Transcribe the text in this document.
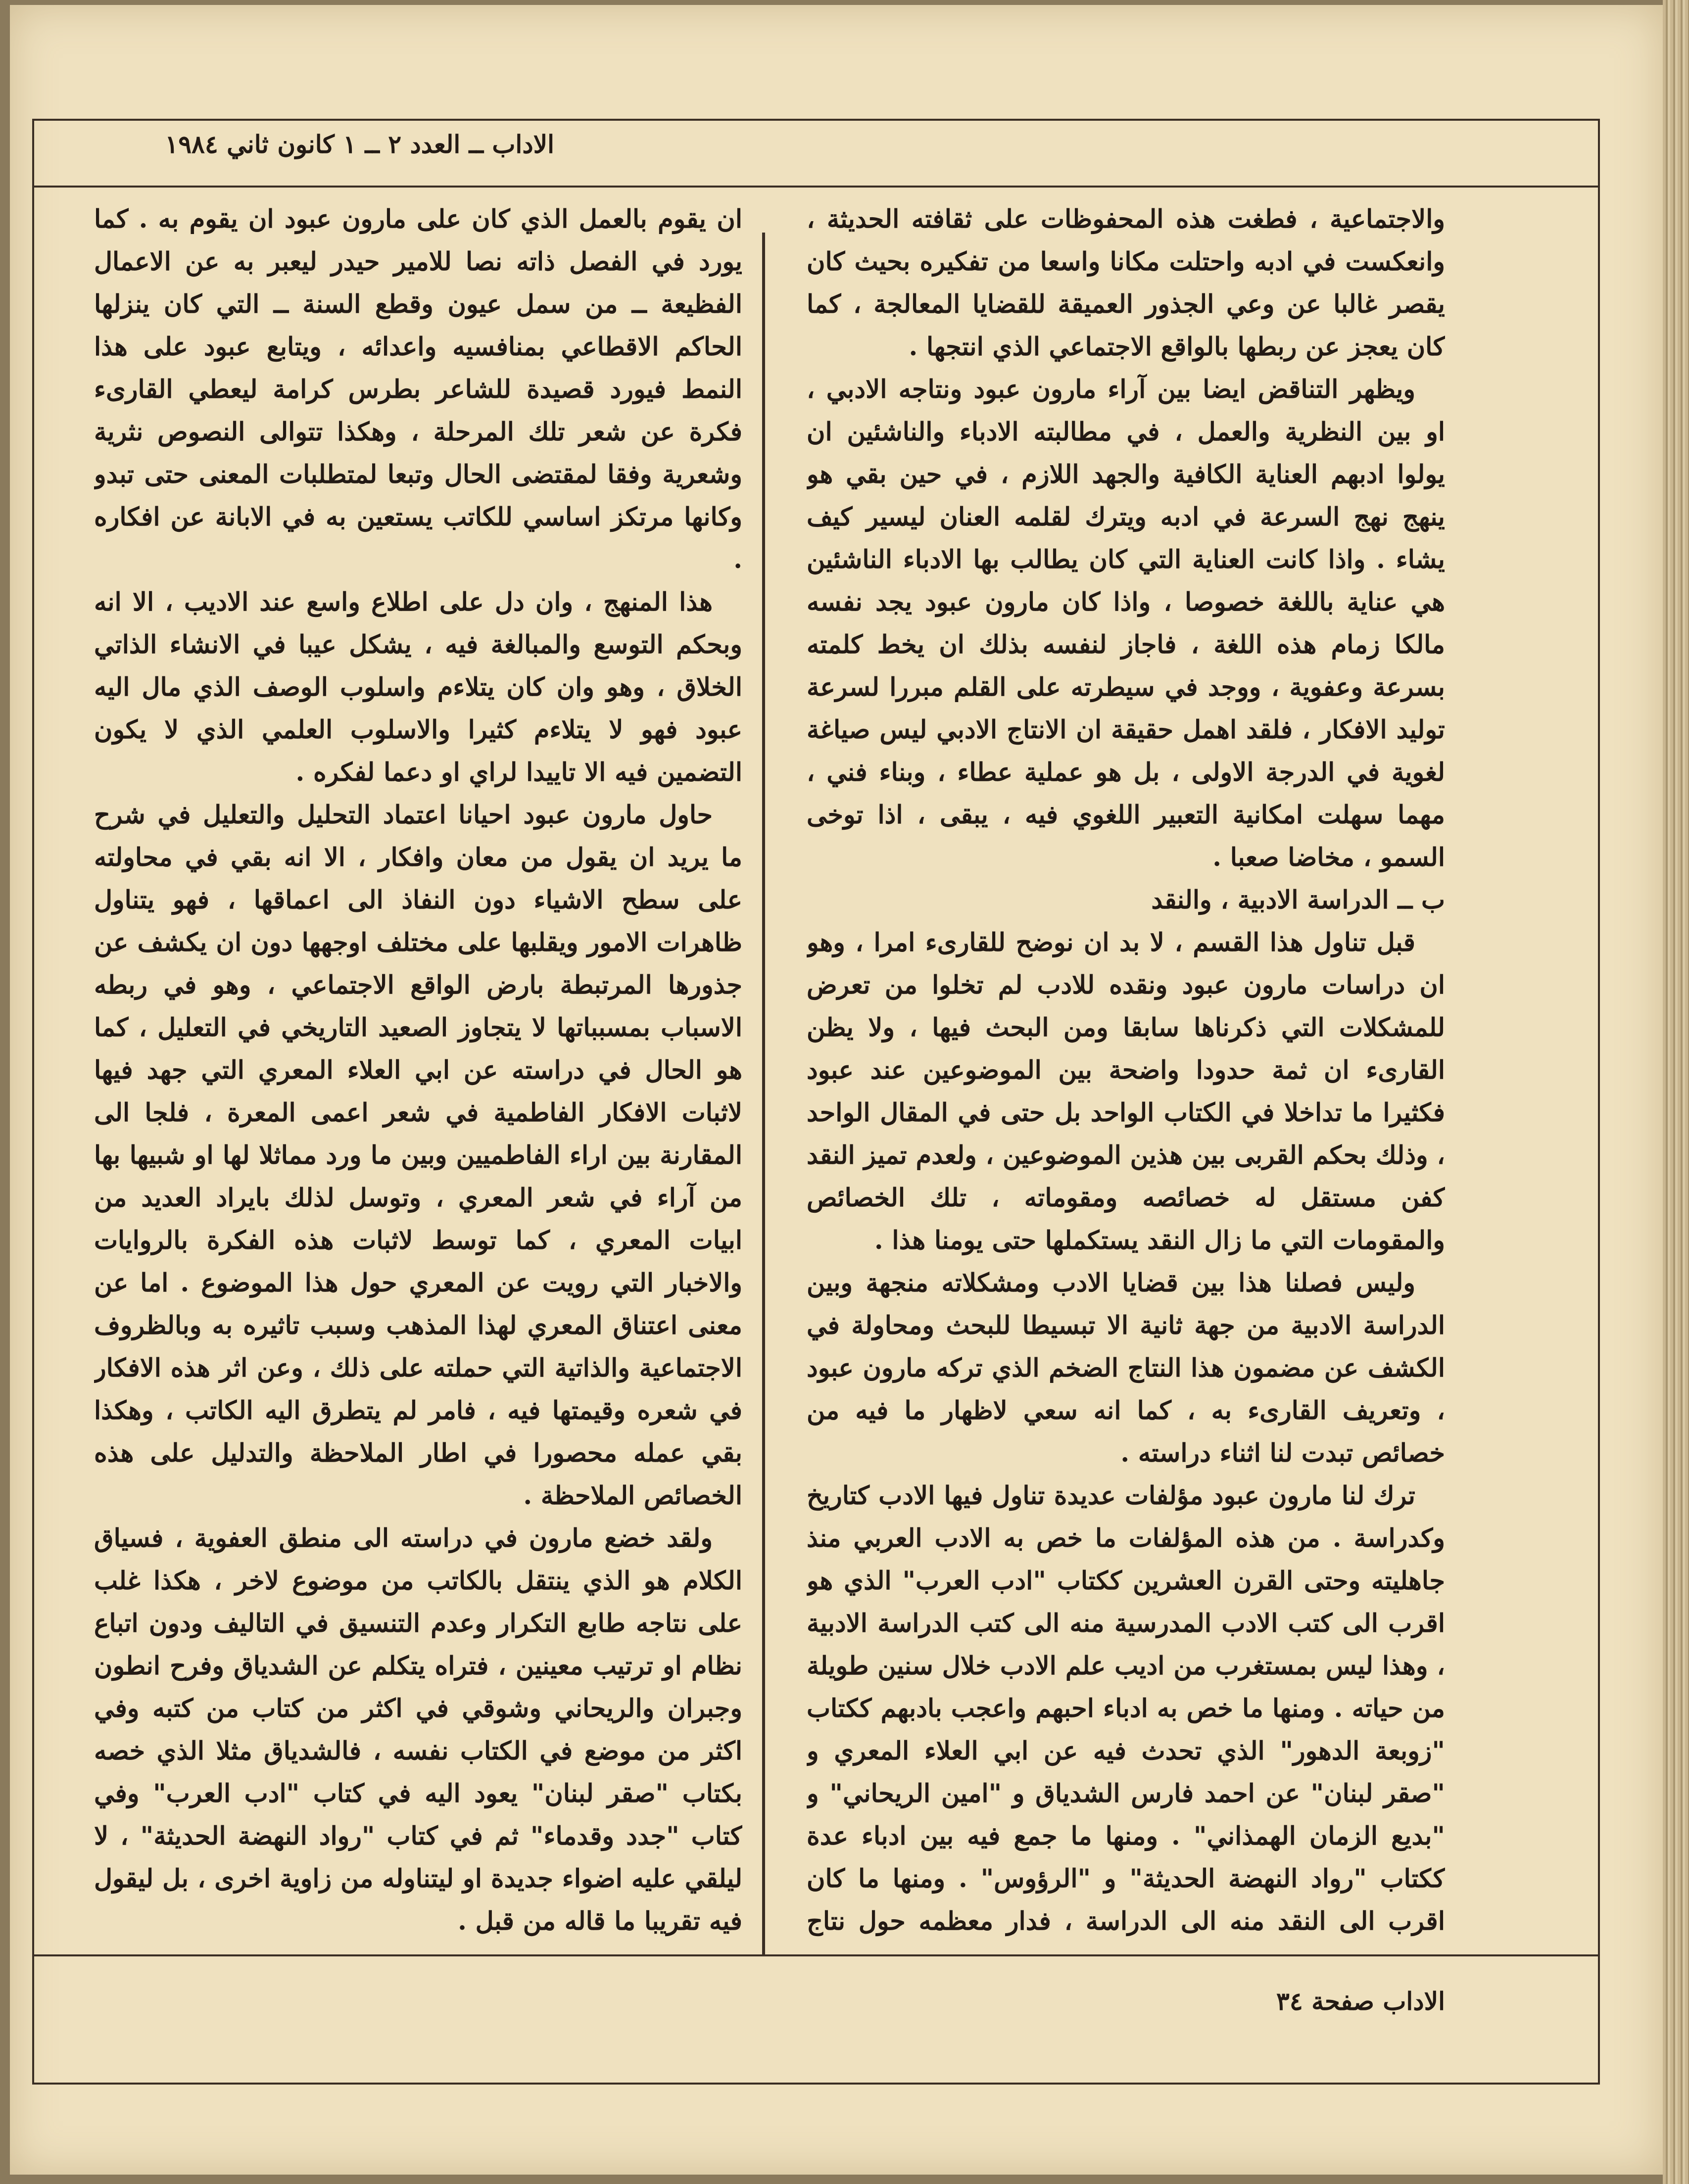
الاداب ــ العدد ٢ ــ ١ كانون ثاني ١٩٨٤

والاجتماعية ، فطغت هذه المحفوظات على ثقافته الحديثة ، وانعكست في ادبه واحتلت مكانا واسعا من تفكيره بحيث كان يقصر غالبا عن وعي الجذور العميقة للقضايا المعالجة ، كما كان يعجز عن ربطها بالواقع الاجتماعي الذي انتجها .

ويظهر التناقض ايضا بين آراء مارون عبود ونتاجه الادبي ، او بين النظرية والعمل ، في مطالبته الادباء والناشئين ان يولوا ادبهم العناية الكافية والجهد اللازم ، في حين بقي هو ينهج نهج السرعة في ادبه ويترك لقلمه العنان ليسير كيف يشاء . واذا كانت العناية التي كان يطالب بها الادباء الناشئين هي عناية باللغة خصوصا ، واذا كان مارون عبود يجد نفسه مالكا زمام هذه اللغة ، فاجاز لنفسه بذلك ان يخط كلمته بسرعة وعفوية ، ووجد في سيطرته على القلم مبررا لسرعة توليد الافكار ، فلقد اهمل حقيقة ان الانتاج الادبي ليس صياغة لغوية في الدرجة الاولى ، بل هو عملية عطاء ، وبناء فني ، مهما سهلت امكانية التعبير اللغوي فيه ، يبقى ، اذا توخى السمو ، مخاضا صعبا .

ب ــ الدراسة الادبية ، والنقد

قبل تناول هذا القسم ، لا بد ان نوضح للقارىء امرا ، وهو ان دراسات مارون عبود ونقده للادب لم تخلوا من تعرض للمشكلات التي ذكرناها سابقا ومن البحث فيها ، ولا يظن القارىء ان ثمة حدودا واضحة بين الموضوعين عند عبود فكثيرا ما تداخلا في الكتاب الواحد بل حتى في المقال الواحد ، وذلك بحكم القربى بين هذين الموضوعين ، ولعدم تميز النقد كفن مستقل له خصائصه ومقوماته ، تلك الخصائص والمقومات التي ما زال النقد يستكملها حتى يومنا هذا .

وليس فصلنا هذا بين قضايا الادب ومشكلاته منجهة وبين الدراسة الادبية من جهة ثانية الا تبسيطا للبحث ومحاولة في الكشف عن مضمون هذا النتاج الضخم الذي تركه مارون عبود ، وتعريف القارىء به ، كما انه سعي لاظهار ما فيه من خصائص تبدت لنا اثناء دراسته .

ترك لنا مارون عبود مؤلفات عديدة تناول فيها الادب كتاريخ وكدراسة . من هذه المؤلفات ما خص به الادب العربي منذ جاهليته وحتى القرن العشرين ككتاب "ادب العرب" الذي هو اقرب الى كتب الادب المدرسية منه الى كتب الدراسة الادبية ، وهذا ليس بمستغرب من اديب علم الادب خلال سنين طويلة من حياته . ومنها ما خص به ادباء احبهم واعجب بادبهم ككتاب "زوبعة الدهور" الذي تحدث فيه عن ابي العلاء المعري و "صقر لبنان" عن احمد فارس الشدياق و "امين الريحاني" و "بديع الزمان الهمذاني" . ومنها ما جمع فيه بين ادباء عدة ككتاب "رواد النهضة الحديثة" و "الرؤوس" . ومنها ما كان اقرب الى النقد منه الى الدراسة ، فدار معظمه حول نتاج

ان يقوم بالعمل الذي كان على مارون عبود ان يقوم به . كما يورد في الفصل ذاته نصا للامير حيدر ليعبر به عن الاعمال الفظيعة ــ من سمل عيون وقطع السنة ــ التي كان ينزلها الحاكم الاقطاعي بمنافسيه واعدائه ، ويتابع عبود على هذا النمط فيورد قصيدة للشاعر بطرس كرامة ليعطي القارىء فكرة عن شعر تلك المرحلة ، وهكذا تتوالى النصوص نثرية وشعرية وفقا لمقتضى الحال وتبعا لمتطلبات المعنى حتى تبدو وكانها مرتكز اساسي للكاتب يستعين به في الابانة عن افكاره .

هذا المنهج ، وان دل على اطلاع واسع عند الاديب ، الا انه وبحكم التوسع والمبالغة فيه ، يشكل عيبا في الانشاء الذاتي الخلاق ، وهو وان كان يتلاءم واسلوب الوصف الذي مال اليه عبود فهو لا يتلاءم كثيرا والاسلوب العلمي الذي لا يكون التضمين فيه الا تاييدا لراي او دعما لفكره .

حاول مارون عبود احيانا اعتماد التحليل والتعليل في شرح ما يريد ان يقول من معان وافكار ، الا انه بقي في محاولته على سطح الاشياء دون النفاذ الى اعماقها ، فهو يتناول ظاهرات الامور ويقلبها على مختلف اوجهها دون ان يكشف عن جذورها المرتبطة بارض الواقع الاجتماعي ، وهو في ربطه الاسباب بمسبباتها لا يتجاوز الصعيد التاريخي في التعليل ، كما هو الحال في دراسته عن ابي العلاء المعري التي جهد فيها لاثبات الافكار الفاطمية في شعر اعمى المعرة ، فلجا الى المقارنة بين اراء الفاطميين وبين ما ورد مماثلا لها او شبيها بها من آراء في شعر المعري ، وتوسل لذلك بايراد العديد من ابيات المعري ، كما توسط لاثبات هذه الفكرة بالروايات والاخبار التي رويت عن المعري حول هذا الموضوع . اما عن معنى اعتناق المعري لهذا المذهب وسبب تاثيره به وبالظروف الاجتماعية والذاتية التي حملته على ذلك ، وعن اثر هذه الافكار في شعره وقيمتها فيه ، فامر لم يتطرق اليه الكاتب ، وهكذا بقي عمله محصورا في اطار الملاحظة والتدليل على هذه الخصائص الملاحظة .

ولقد خضع مارون في دراسته الى منطق العفوية ، فسياق الكلام هو الذي ينتقل بالكاتب من موضوع لاخر ، هكذا غلب على نتاجه طابع التكرار وعدم التنسيق في التاليف ودون اتباع نظام او ترتيب معينين ، فتراه يتكلم عن الشدياق وفرح انطون وجبران والريحاني وشوقي في اكثر من كتاب من كتبه وفي اكثر من موضع في الكتاب نفسه ، فالشدياق مثلا الذي خصه بكتاب "صقر لبنان" يعود اليه في كتاب "ادب العرب" وفي كتاب "جدد وقدماء" ثم في كتاب "رواد النهضة الحديثة" ، لا ليلقي عليه اضواء جديدة او ليتناوله من زاوية اخرى ، بل ليقول فيه تقريبا ما قاله من قبل .

الاداب صفحة ٣٤
